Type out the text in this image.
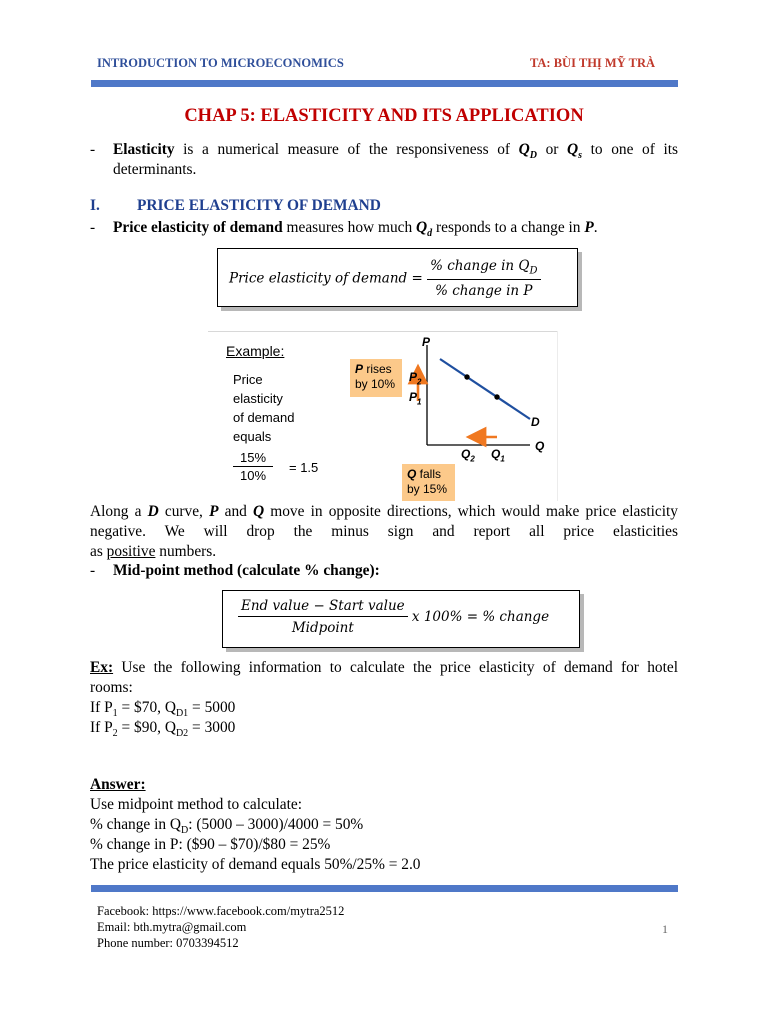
INTRODUCTION TO MICROECONOMICS	TA: BÙI THỊ MỸ TRÀ
CHAP 5: ELASTICITY AND ITS APPLICATION
- Elasticity is a numerical measure of the responsiveness of $Q_D$ or $Q_s$ to one of its
determinants.
I. PRICE ELASTICITY OF DEMAND
- Price elasticity of demand measures how much $Q_d$ responds to a change in P.
Price elasticity of demand = $\frac{\% change in Q_D}{\text{\% change in P}}$
Example:
Price
elasticity
of demand
equals
$\frac{15\%}{10\%} = 1.5$
P rises
by 10%
Q falls
by 15%
P
Q
$P_2$
$P_1$
$Q_2$ $Q_1$
D
Along a D curve, P and Q move in opposite directions, which would make price elasticity
negative. We will drop the minus sign and report all price elasticities
as positive numbers.
- Mid-point method (calculate % change):
$\frac{\text{End value − Start value}}{\text{Midpoint}}$ x 100% = % change
Ex: Use the following information to calculate the price elasticity of demand for hotel
rooms:
If $P_1$ = $70, $Q_{D1} = 5000$
If $P_2$ = $90, $Q_{D2} = 3000$
Answer:
Use midpoint method to calculate:
% change in $Q_D$: (5000 – 3000)/4000 = 50%
% change in P: ($90 – $70)/$80 = 25%
The price elasticity of demand equals 50%/25% = 2.0
Facebook: https://www.facebook.com/mytra2512
Email: bth.mytra@gmail.com
Phone number: 0703394512
1
